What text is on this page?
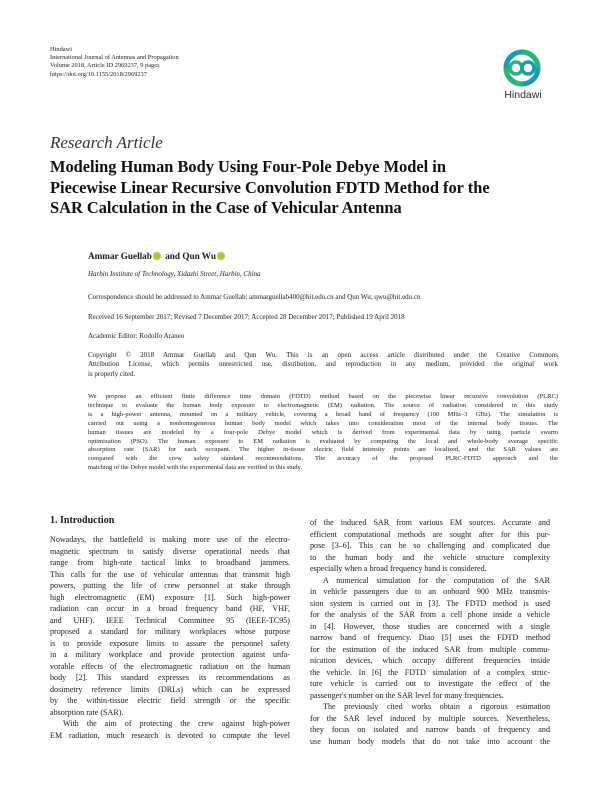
Hindawi
International Journal of Antennas and Propagation
Volume 2018, Article ID 2969237, 9 pages
https://doi.org/10.1155/2018/2969237
Hindawi
Research Article
Modeling Human Body Using Four-Pole Debye Model in
Piecewise Linear Recursive Convolution FDTD Method for the
SAR Calculation in the Case of Vehicular Antenna
Ammar Guellab and Qun Wu
Harbin Institute of Technology, Xidazhi Street, Harbin, China
Correspondence should be addressed to Ammar Guellab; ammarguellab400@hit.edu.cn and Qun Wu; qwu@hit.edu.cn
Received 16 September 2017; Revised 7 December 2017; Accepted 28 December 2017; Published 19 April 2018
Academic Editor: Rodolfo Araneo
Copyright © 2018 Ammar Guellab and Qun Wu. This is an open access article distributed under the Creative Commons
Attribution License, which permits unrestricted use, distribution, and reproduction in any medium, provided the original work
is properly cited.
We propose an efficient finite difference time domain (FDTD) method based on the piecewise linear recursive convolution (PLRC)
technique to evaluate the human body exposure to electromagnetic (EM) radiation. The source of radiation considered in this study
is a high-power antenna, mounted on a military vehicle, covering a broad band of frequency (100 MHz–3 GHz). The simulation is
carried out using a nonhomogeneous human body model which takes into consideration most of the internal body tissues. The
human tissues are modeled by a four-pole Debye model which is derived from experimental data by using particle swarm
optimization (PSO). The human exposure to EM radiation is evaluated by computing the local and whole-body average specific
absorption rate (SAR) for each occupant. The higher in-tissue electric field intensity points are localized, and the SAR values are
compared with the crew safety standard recommendations. The accuracy of the proposed PLRC-FDTD approach and the
matching of the Debye model with the experimental data are verified in this study.
1. Introduction
Nowadays, the battlefield is making more use of the electro-
magnetic spectrum to satisfy diverse operational needs that
range from high-rate tactical links to broadband jammers.
This calls for the use of vehicular antennas that transmit high
powers, putting the life of crew personnel at stake through
high electromagnetic (EM) exposure [1]. Such high-power
radiation can occur in a broad frequency band (HF, VHF,
and UHF). IEEE Technical Committee 95 (IEEE-TC95)
proposed a standard for military workplaces whose purpose
is to provide exposure limits to assure the personnel safety
in a military workplace and provide protection against unfa-
vorable effects of the electromagnetic radiation on the human
body [2]. This standard expresses its recommendations as
dosimetry reference limits (DRLs) which can be expressed
by the within-tissue electric field strength or the specific
absorption rate (SAR).
With the aim of protecting the crew against high-power
EM radiation, much research is devoted to compute the level
of the induced SAR from various EM sources. Accurate and
efficient computational methods are sought after for this pur-
pose [3–6]. This can be so challenging and complicated due
to the human body and the vehicle structure complexity
especially when a broad frequency band is considered.
A numerical simulation for the computation of the SAR
in vehicle passengers due to an onboard 900 MHz transmis-
sion system is carried out in [3]. The FDTD method is used
for the analysis of the SAR from a cell phone inside a vehicle
in [4]. However, those studies are concerned with a single
narrow band of frequency. Diao [5] uses the FDTD method
for the estimation of the induced SAR from multiple commu-
nication devices, which occupy different frequencies inside
the vehicle. In [6] the FDTD simulation of a complex struc-
ture vehicle is carried out to investigate the effect of the
passenger's number on the SAR level for many frequencies.
The previously cited works obtain a rigorous estimation
for the SAR level induced by multiple sources. Nevertheless,
they focus on isolated and narrow bands of frequency and
use human body models that do not take into account the
